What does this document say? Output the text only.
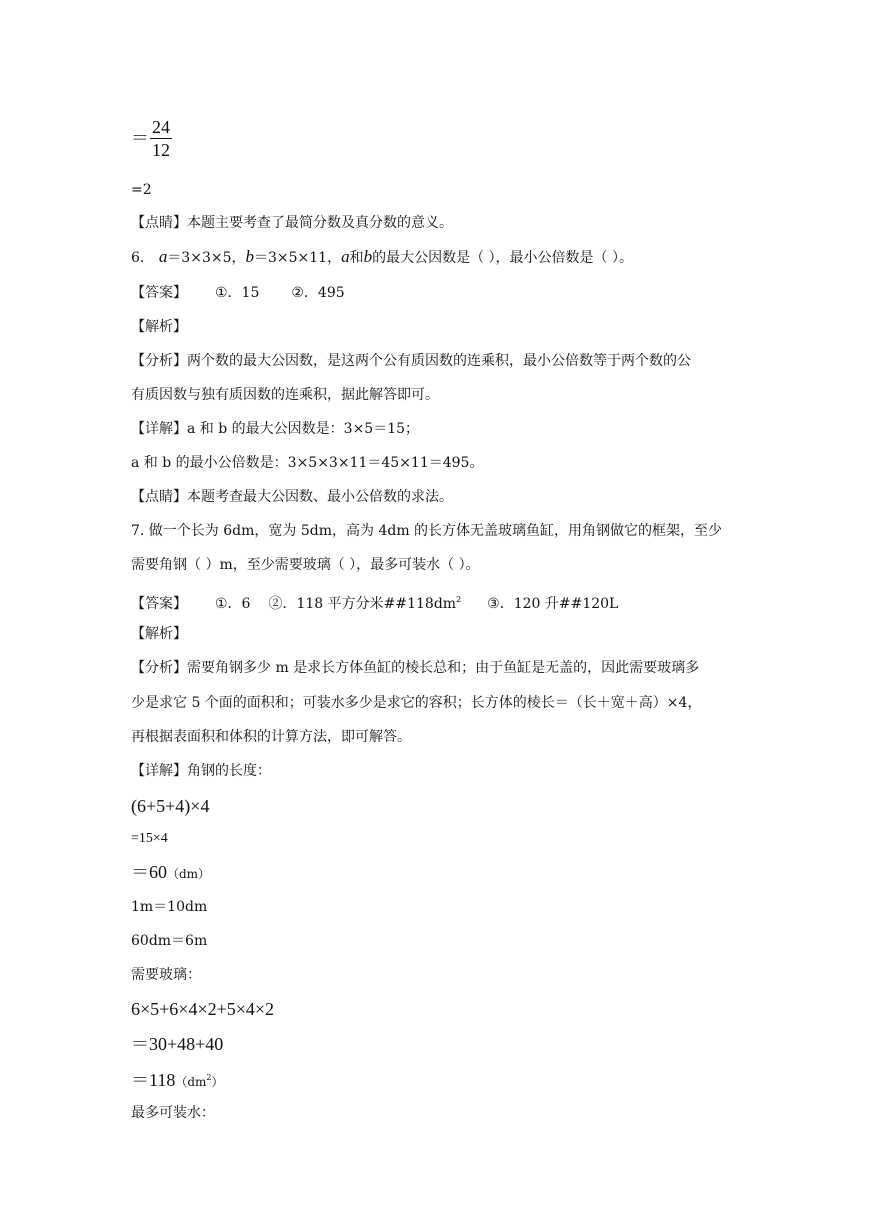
＝
24
12
=2
【点睛】本题主要考查了最简分数及真分数的意义。
6. a＝3×3×5，b＝3×5×11，a和b的最大公因数是（ ），最小公倍数是（ ）。
【答案】 ①．15 ②．495
【解析】
【分析】两个数的最大公因数，是这两个公有质因数的连乘积，最小公倍数等于两个数的公
有质因数与独有质因数的连乘积，据此解答即可。
【详解】a 和 b 的最大公因数是：3×5＝15；
a 和 b 的最小公倍数是：3×5×3×11＝45×11＝495。
【点睛】本题考查最大公因数、最小公倍数的求法。
7. 做一个长为 6dm，宽为 5dm，高为 4dm 的长方体无盖玻璃鱼缸，用角钢做它的框架，至少
需要角钢（ ）m，至少需要玻璃（ ），最多可装水（ ）。
【答案】 ①．6 ②．118 平方分米$\#\#118dm^2$ ③．120 升##120L
【解析】
【分析】需要角钢多少 m 是求长方体鱼缸的棱长总和；由于鱼缸是无盖的，因此需要玻璃多
少是求它 5 个面的面积和；可装水多少是求它的容积；长方体的棱长＝（长＋宽＋高）×4，
再根据表面积和体积的计算方法，即可解答。
【详解】角钢的长度：
(6+5+4)×4
=15×4
＝60（dm）
1m＝10dm
60dm＝6m
需要玻璃：
6×5+6×4×2+5×4×2
＝30+48+40
$=118(dm^2)$
最多可装水：
